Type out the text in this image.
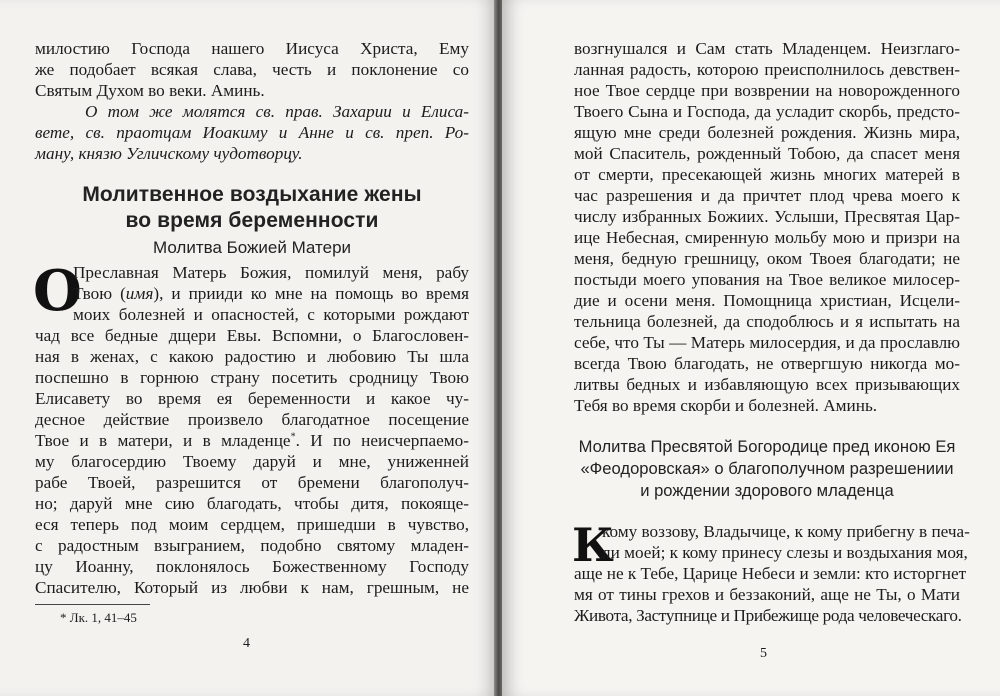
милостию Господа нашего Иисуса Христа, Ему
же подобает всякая слава, честь и поклонение со
Святым Духом во веки. Аминь.
О том же молятся св. прав. Захарии и Елиса-
вете, св. праотцам Иоакиму и Анне и св. преп. Ро-
ману, князю Угличскому чудотворцу.
Молитвенное воздыхание жены
во время беременности
Молитва Божией Матери
О
Преславная Матерь Божия, помилуй меня, рабу
Твою (имя), и прииди ко мне на помощь во время
моих болезней и опасностей, с которыми рождают
чад все бедные дщери Евы. Вспомни, о Благословен-
ная в женах, с какою радостию и любовию Ты шла
поспешно в горнюю страну посетить сродницу Твою
Елисавету во время ея беременности и какое чу-
десное действие произвело благодатное посещение
Твое и в матери, и в младенце*. И по неисчерпаемо-
му благосердию Твоему даруй и мне, униженней
рабе Твоей, разрешится от бремени благополуч-
но; даруй мне сию благодать, чтобы дитя, покояще-
еся теперь под моим сердцем, пришедши в чувство,
с радостным взыгранием, подобно святому младен-
цу Иоанну, поклонялось Божественному Господу
Спасителю, Который из любви к нам, грешным, не
* Лк. 1, 41–45
4
возгнушался и Сам стать Младенцем. Неизглаго-
ланная радость, которою преисполнилось девствен-
ное Твое сердце при возврении на новорожденного
Твоего Сына и Господа, да усладит скорбь, предсто-
ящую мне среди болезней рождения. Жизнь мира,
мой Спаситель, рожденный Тобою, да спасет меня
от смерти, пресекающей жизнь многих матерей в
час разрешения и да причтет плод чрева моего к
числу избранных Божиих. Услыши, Пресвятая Цар-
ице Небесная, смиренную мольбу мою и призри на
меня, бедную грешницу, оком Твоея благодати; не
постыди моего упования на Твое великое милосер-
дие и осени меня. Помощница христиан, Исцели-
тельница болезней, да сподоблюсь и я испытать на
себе, что Ты — Матерь милосердия, и да прославлю
всегда Твою благодать, не отвергшую никогда мо-
литвы бедных и избавляющую всех призывающих
Тебя во время скорби и болезней. Аминь.
Молитва Пресвятой Богородице пред иконою Ея
«Феодоровская» о благополучном разрешениии
и рождении здорового младенца
К
кому воззову, Владычице, к кому прибегну в печа-
ли моей; к кому принесу слезы и воздыхания моя,
аще не к Тебе, Царице Небеси и земли: кто исторгнет
мя от тины грехов и беззаконий, аще не Ты, о Мати
Живота, Заступнице и Прибежище рода человеческаго.
5
